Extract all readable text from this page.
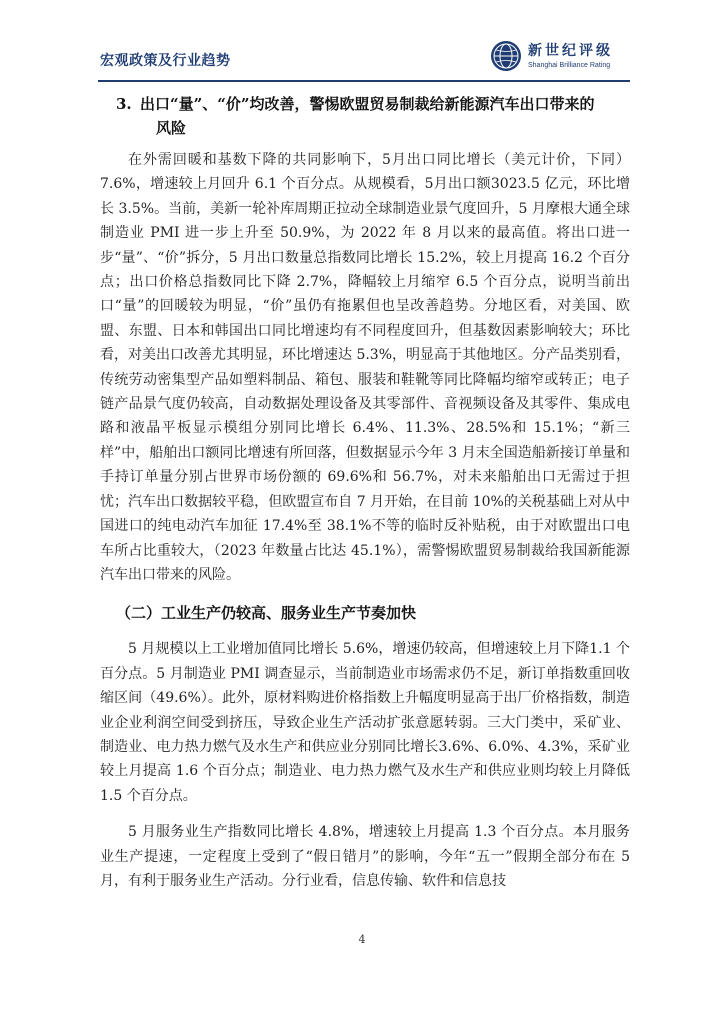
宏观政策及行业趋势
新世纪评级
Shanghai Brilliance Rating
3. 出口“量”、“价”均改善，警惕欧盟贸易制裁给新能源汽车出口带来的
风险

在外需回暖和基数下降的共同影响下，5月出口同比增长（美元计价，下同）7.6%，增速较上月回升 6.1 个百分点。从规模看，5月出口额3023.5 亿元，环比增长 3.5%。当前，美新一轮补库周期正拉动全球制造业景气度回升，5 月摩根大通全球制造业 PMI 进一步上升至 50.9%，为 2022 年 8 月以来的最高值。将出口进一步“量”、“价”拆分，5 月出口数量总指数同比增长 15.2%，较上月提高 16.2 个百分点；出口价格总指数同比下降 2.7%，降幅较上月缩窄 6.5 个百分点，说明当前出口“量”的回暖较为明显，“价”虽仍有拖累但也呈改善趋势。分地区看，对美国、欧盟、东盟、日本和韩国出口同比增速均有不同程度回升，但基数因素影响较大；环比看，对美出口改善尤其明显，环比增速达 5.3%，明显高于其他地区。分产品类别看，传统劳动密集型产品如塑料制品、箱包、服装和鞋靴等同比降幅均缩窄或转正；电子链产品景气度仍较高，自动数据处理设备及其零部件、音视频设备及其零件、集成电路和液晶平板显示模组分别同比增长 6.4%、11.3%、28.5%和 15.1%；“新三样”中，船舶出口额同比增速有所回落，但数据显示今年 3 月末全国造船新接订单量和手持订单量分别占世界市场份额的 69.6%和 56.7%，对未来船舶出口无需过于担忧；汽车出口数据较平稳，但欧盟宣布自 7 月开始，在目前 10%的关税基础上对从中国进口的纯电动汽车加征 17.4%至 38.1%不等的临时反补贴税，由于对欧盟出口电车所占比重较大，（2023 年数量占比达 45.1%），需警惕欧盟贸易制裁给我国新能源汽车出口带来的风险。

（二）工业生产仍较高、服务业生产节奏加快

5 月规模以上工业增加值同比增长 5.6%，增速仍较高，但增速较上月下降1.1 个百分点。5 月制造业 PMI 调查显示，当前制造业市场需求仍不足，新订单指数重回收缩区间（49.6%）。此外，原材料购进价格指数上升幅度明显高于出厂价格指数，制造业企业利润空间受到挤压，导致企业生产活动扩张意愿转弱。三大门类中，采矿业、制造业、电力热力燃气及水生产和供应业分别同比增长3.6%、6.0%、4.3%，采矿业较上月提高 1.6 个百分点；制造业、电力热力燃气及水生产和供应业则均较上月降低 1.5 个百分点。

5 月服务业生产指数同比增长 4.8%，增速较上月提高 1.3 个百分点。本月服务业生产提速，一定程度上受到了“假日错月”的影响，今年“五一”假期全部分布在 5 月，有利于服务业生产活动。分行业看，信息传输、软件和信息技

4
